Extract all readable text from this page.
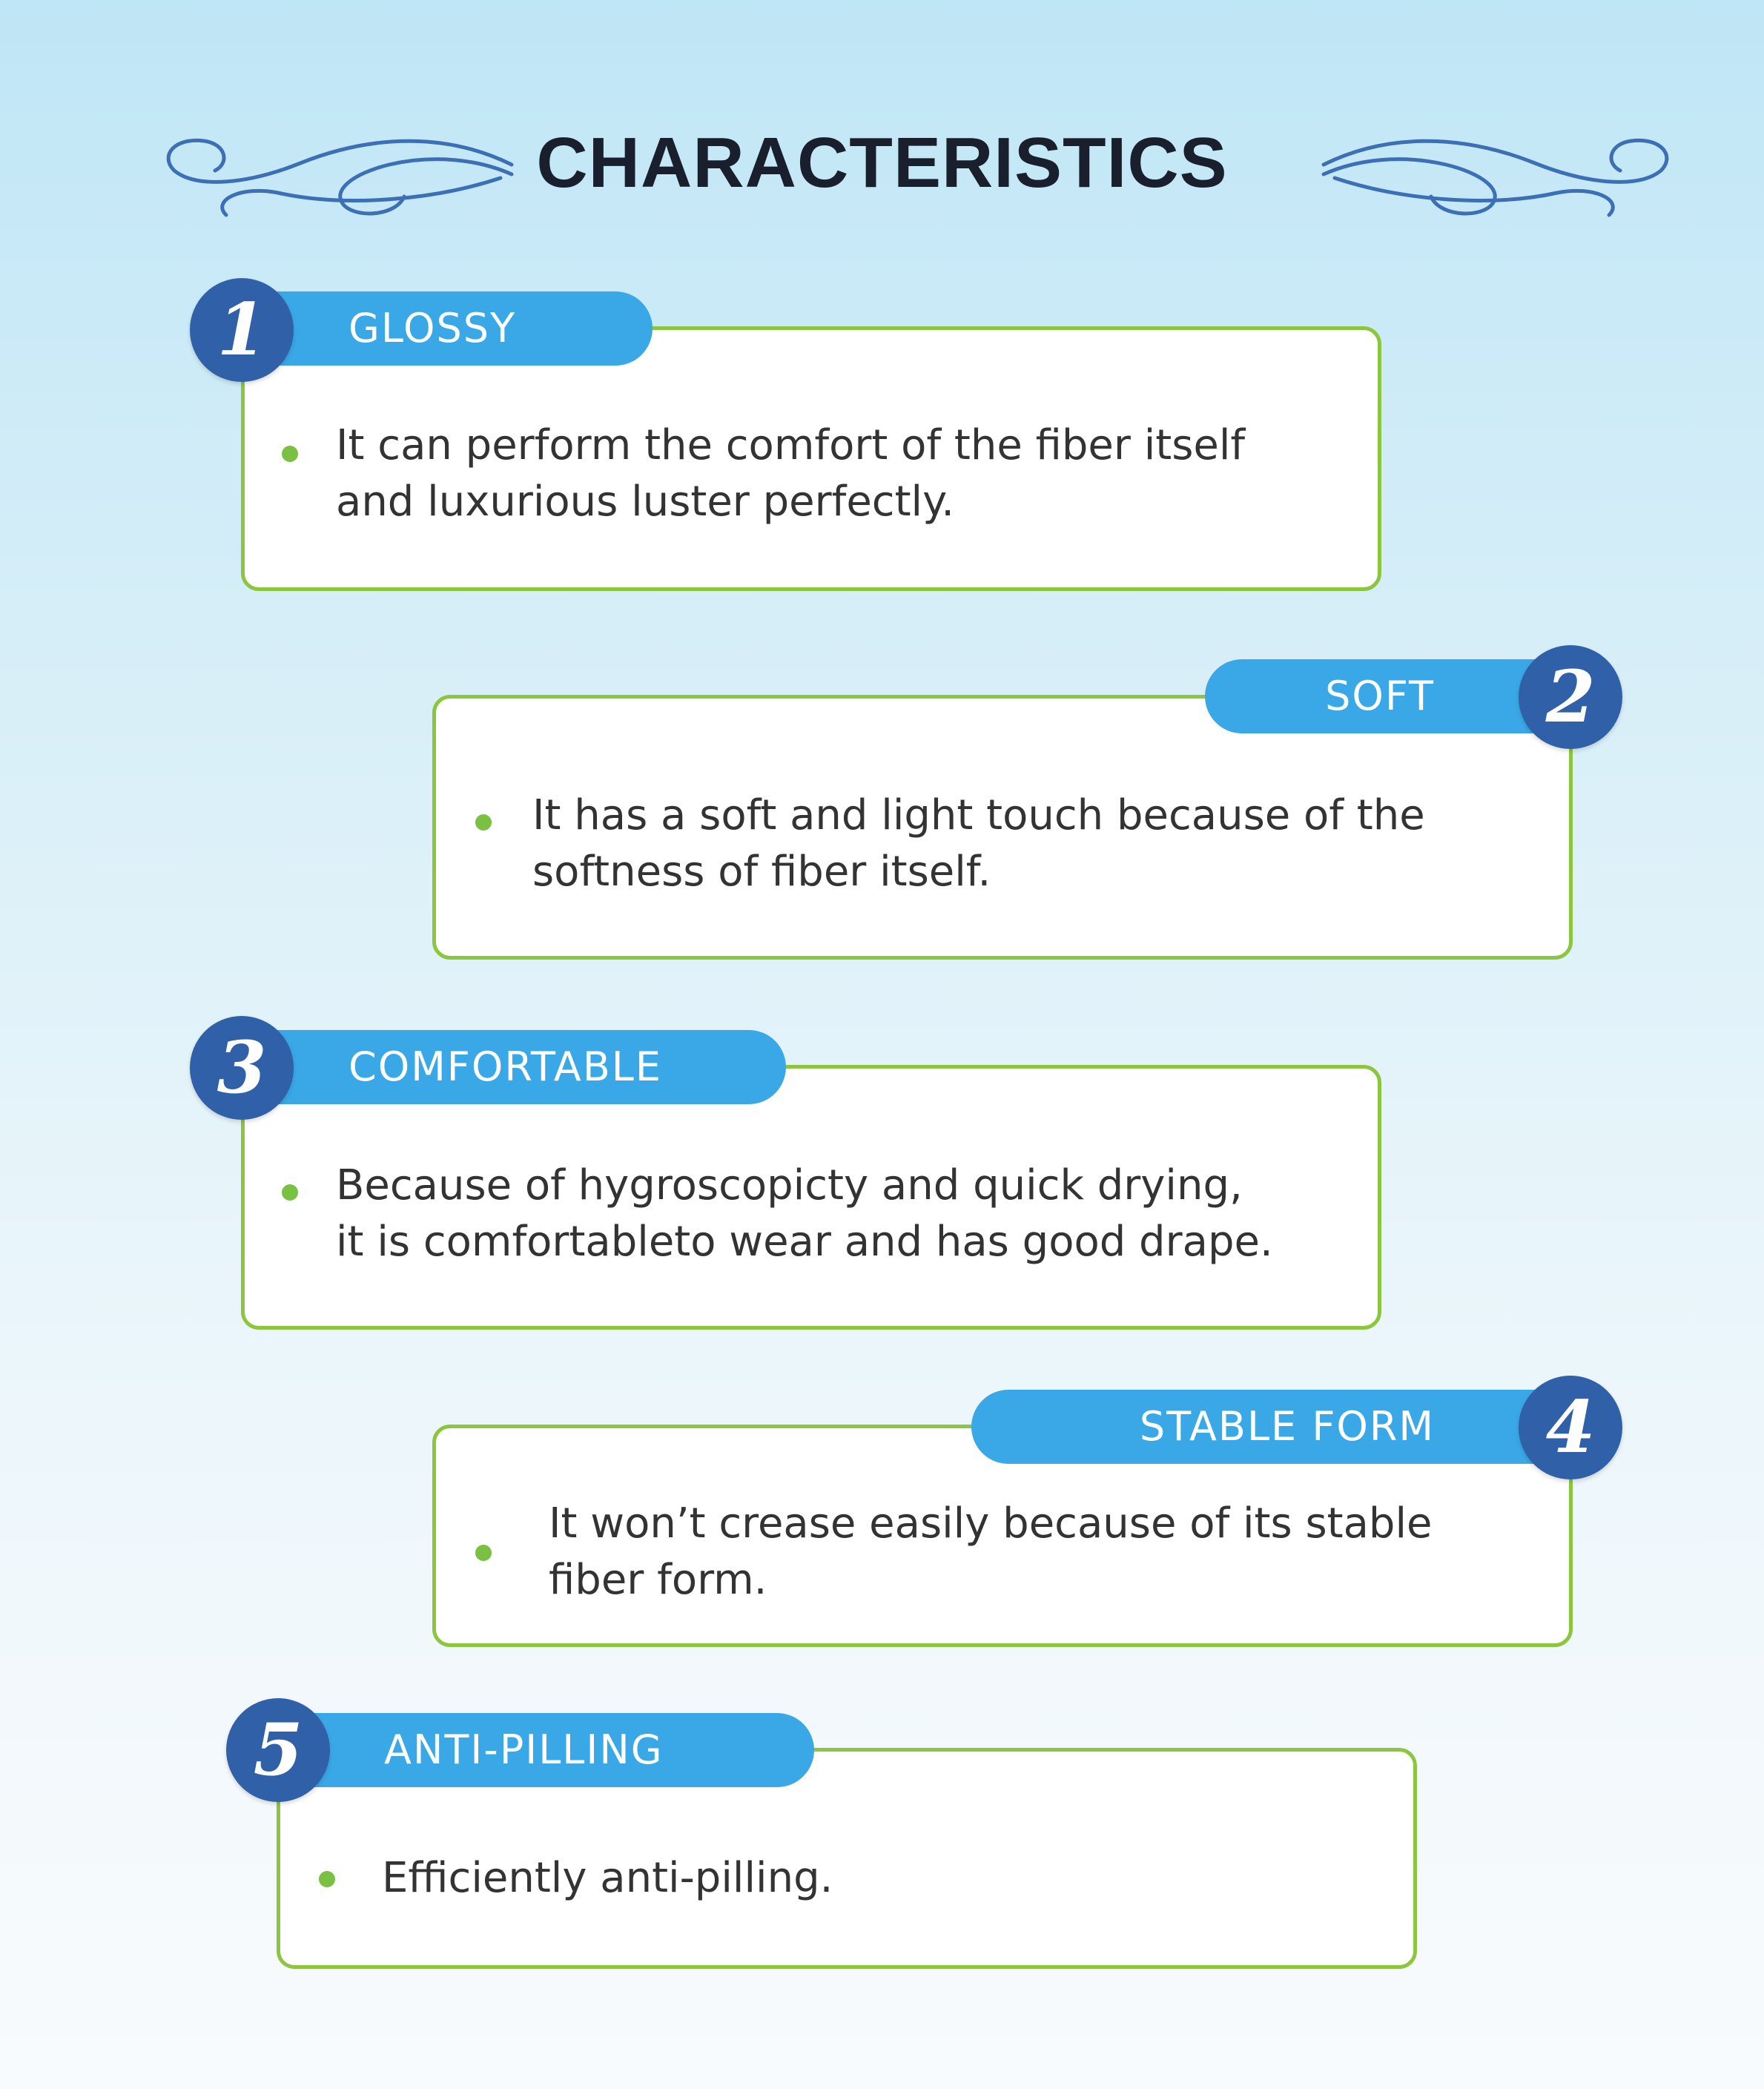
CHARACTERISTICS
GLOSSY
1
It can perform the comfort of the fiber itself
and luxurious luster perfectly.
SOFT	2
It has a soft and light touch because of the
softness of fiber itself.
COMFORTABLE
3
Because of hygroscopicty and quick drying,
it is comfortableto wear and has good drape.
STABLE FORM	4
It won’t crease easily because of its stable
fiber form.
ANTI-PILLING
5
Efficiently anti-pilling.
